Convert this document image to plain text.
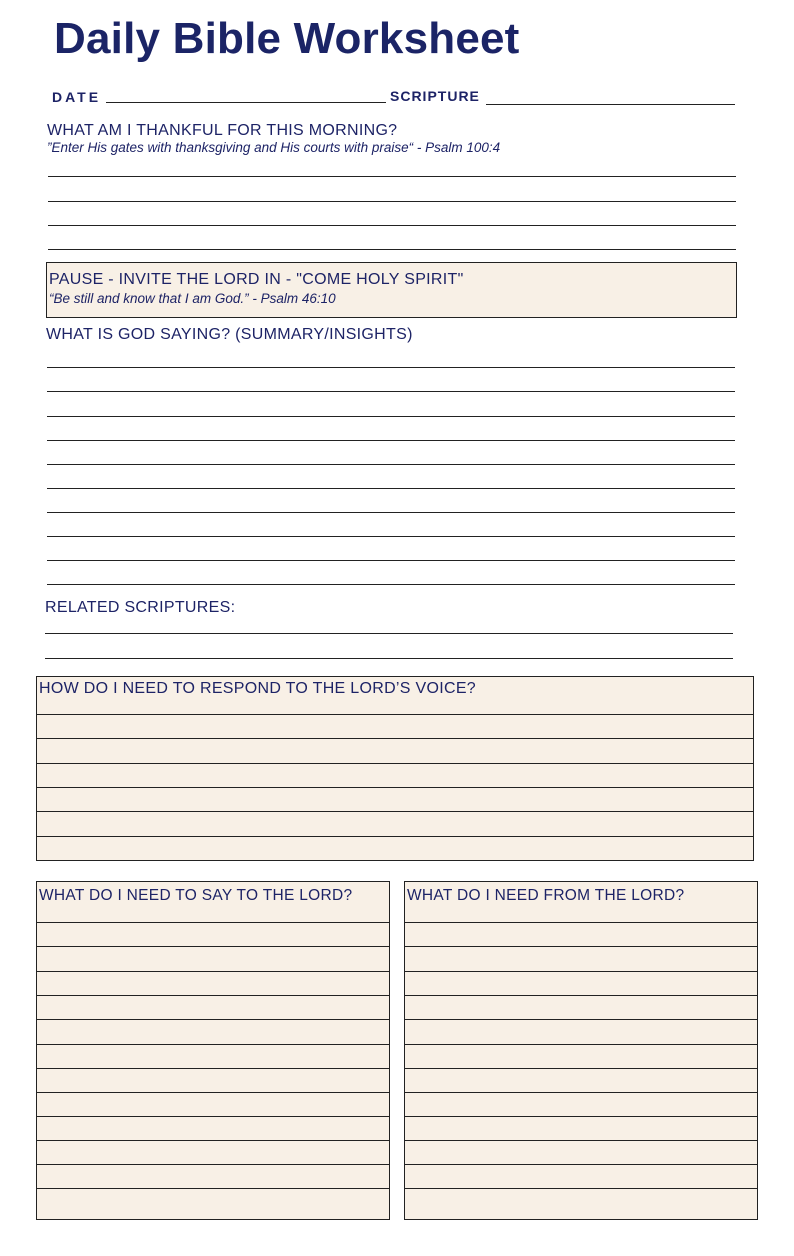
Daily Bible Worksheet
DATE	SCRIPTURE
WHAT AM I THANKFUL FOR THIS MORNING?
”Enter His gates with thanksgiving and His courts with praise“ - Psalm 100:4
PAUSE - INVITE THE LORD IN - "COME HOLY SPIRIT"
“Be still and know that I am God.” - Psalm 46:10
WHAT IS GOD SAYING? (SUMMARY/INSIGHTS)
RELATED SCRIPTURES:
HOW DO I NEED TO RESPOND TO THE LORD’S VOICE?
WHAT DO I NEED TO SAY TO THE LORD?	WHAT DO I NEED FROM THE LORD?
